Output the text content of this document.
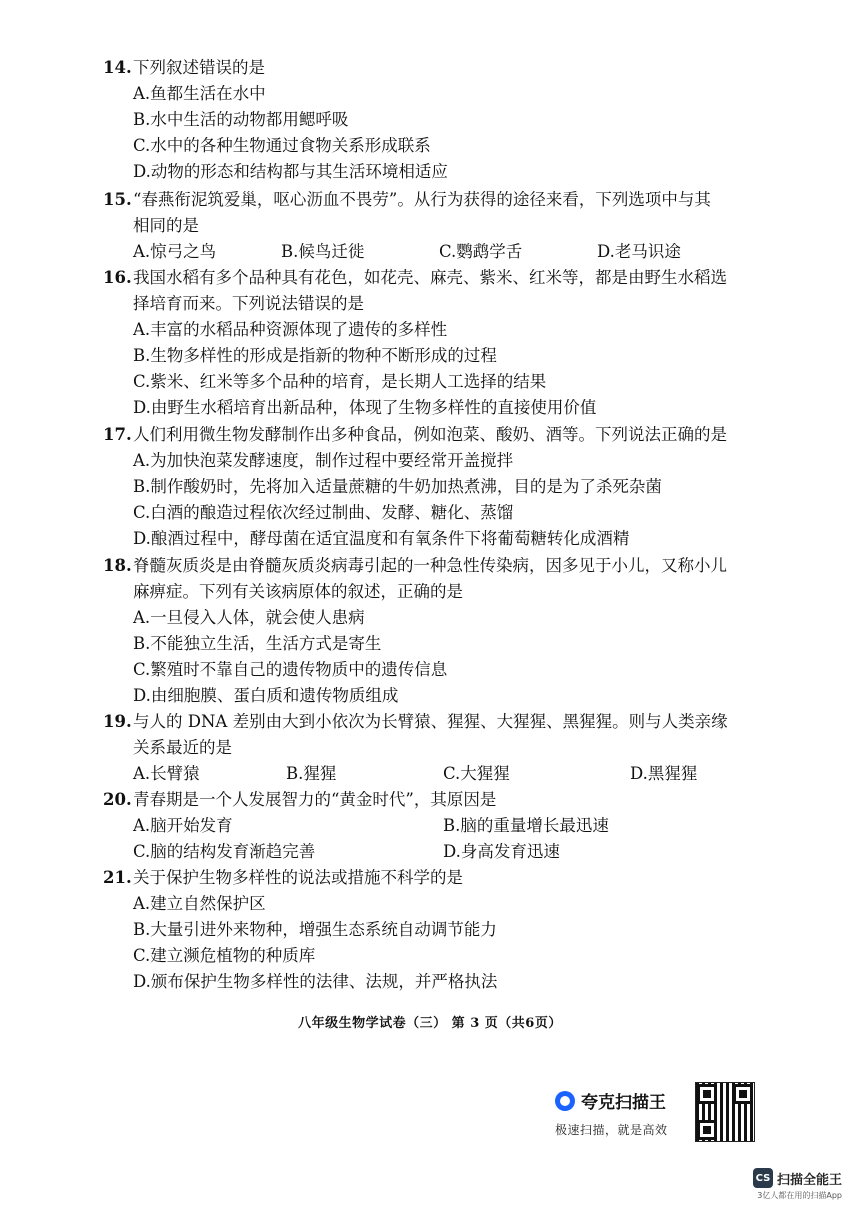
14.下列叙述错误的是
A.鱼都生活在水中
B.水中生活的动物都用鳃呼吸
C.水中的各种生物通过食物关系形成联系
D.动物的形态和结构都与其生活环境相适应
15.“春燕衔泥筑爱巢，呕心沥血不畏劳”。从行为获得的途径来看，下列选项中与其
相同的是
A.惊弓之鸟	B.候鸟迁徙	C.鹦鹉学舌	D.老马识途
16.我国水稻有多个品种具有花色，如花壳、麻壳、紫米、红米等，都是由野生水稻选
择培育而来。下列说法错误的是
A.丰富的水稻品种资源体现了遗传的多样性
B.生物多样性的形成是指新的物种不断形成的过程
C.紫米、红米等多个品种的培育，是长期人工选择的结果
D.由野生水稻培育出新品种，体现了生物多样性的直接使用价值
17.人们利用微生物发酵制作出多种食品，例如泡菜、酸奶、酒等。下列说法正确的是
A.为加快泡菜发酵速度，制作过程中要经常开盖搅拌
B.制作酸奶时，先将加入适量蔗糖的牛奶加热煮沸，目的是为了杀死杂菌
C.白酒的酿造过程依次经过制曲、发酵、糖化、蒸馏
D.酿酒过程中，酵母菌在适宜温度和有氧条件下将葡萄糖转化成酒精
18.脊髓灰质炎是由脊髓灰质炎病毒引起的一种急性传染病，因多见于小儿，又称小儿
麻痹症。下列有关该病原体的叙述，正确的是
A.一旦侵入人体，就会使人患病
B.不能独立生活，生活方式是寄生
C.繁殖时不靠自己的遗传物质中的遗传信息
D.由细胞膜、蛋白质和遗传物质组成
19.与人的 DNA 差别由大到小依次为长臂猿、猩猩、大猩猩、黑猩猩。则与人类亲缘
关系最近的是
A.长臂猿	B.猩猩	C.大猩猩	D.黑猩猩
20.青春期是一个人发展智力的“黄金时代”，其原因是
A.脑开始发育	B.脑的重量增长最迅速
C.脑的结构发育渐趋完善	D.身高发育迅速
21.关于保护生物多样性的说法或措施不科学的是
A.建立自然保护区
B.大量引进外来物种，增强生态系统自动调节能力
C.建立濒危植物的种质库
D.颁布保护生物多样性的法律、法规，并严格执法
八年级生物学试卷（三） 第 3 页（共6页）
夸克扫描王
极速扫描，就是高效
CS 扫描全能王
3亿人都在用的扫描App
